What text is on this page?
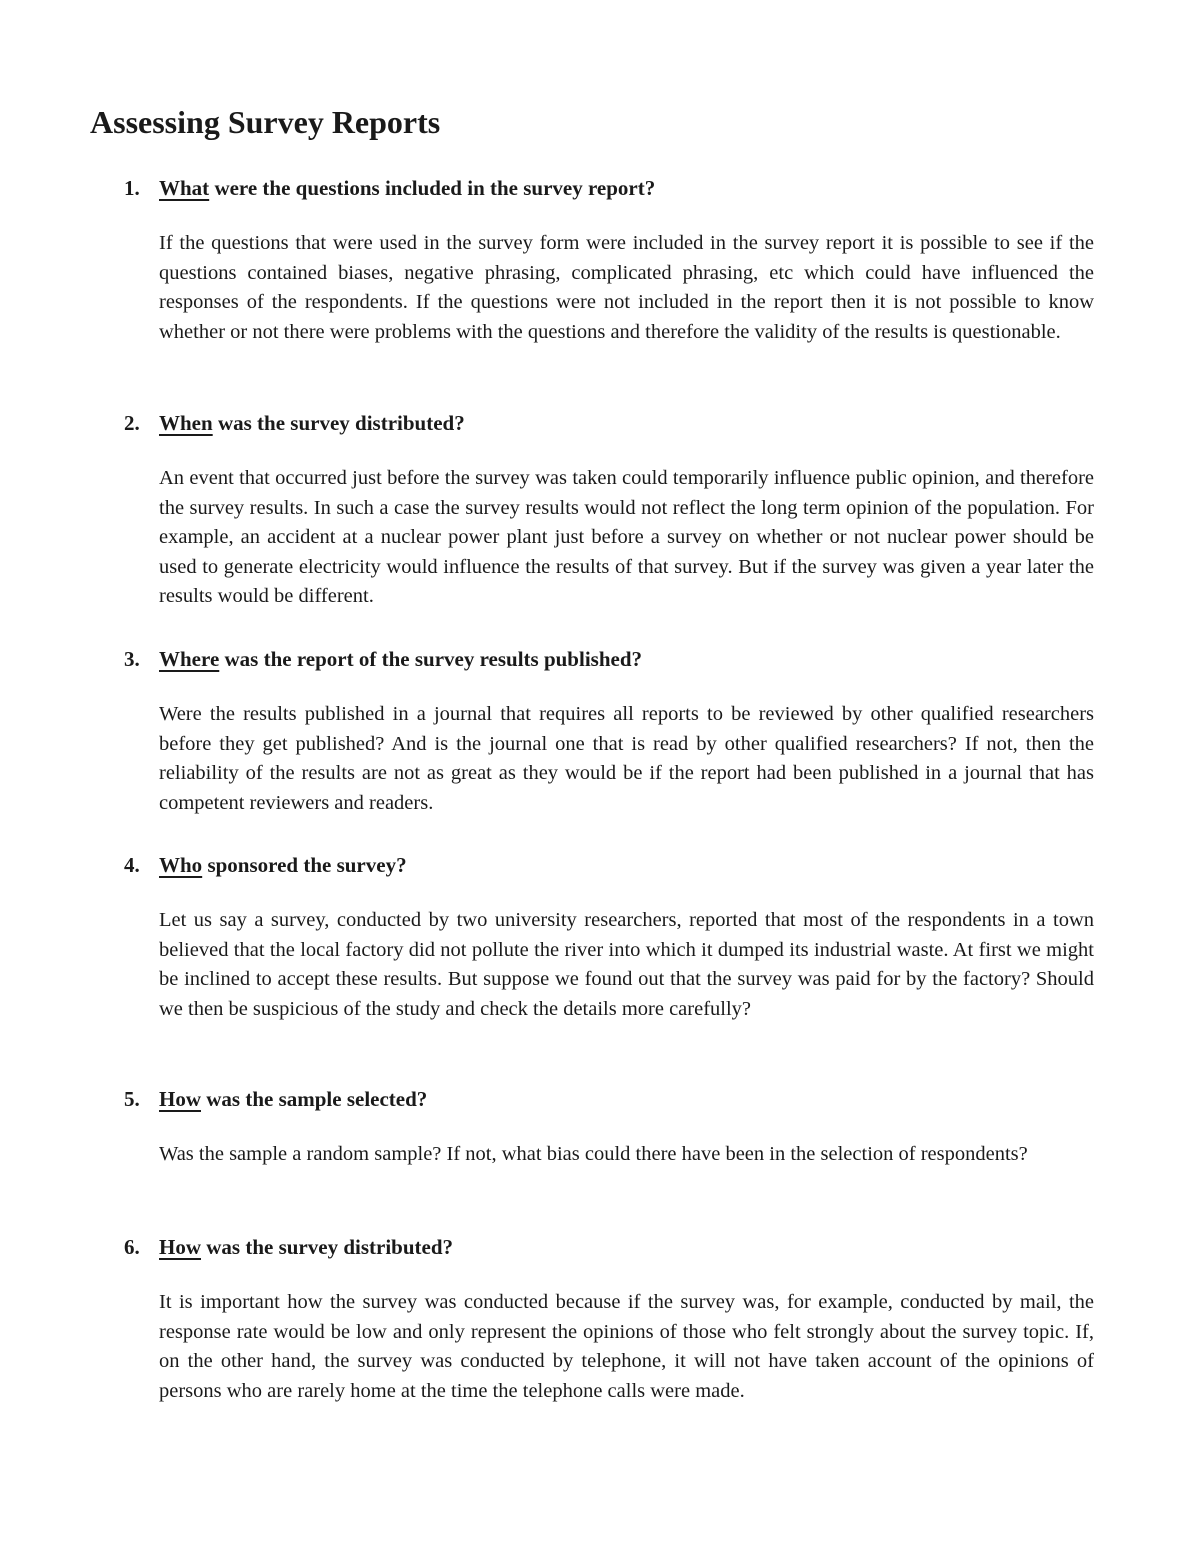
Assessing Survey Reports
1. What were the questions included in the survey report?

If the questions that were used in the survey form were included in the survey report it is possible to see if the questions contained biases, negative phrasing, complicated phrasing, etc which could have influenced the responses of the respondents. If the questions were not included in the report then it is not possible to know whether or not there were problems with the questions and therefore the validity of the results is questionable.

2. When was the survey distributed?

An event that occurred just before the survey was taken could temporarily influence public opinion, and therefore the survey results. In such a case the survey results would not reflect the long term opinion of the population. For example, an accident at a nuclear power plant just before a survey on whether or not nuclear power should be used to generate electricity would influence the results of that survey. But if the survey was given a year later the results would be different.

3. Where was the report of the survey results published?

Were the results published in a journal that requires all reports to be reviewed by other qualified researchers before they get published? And is the journal one that is read by other qualified researchers? If not, then the reliability of the results are not as great as they would be if the report had been published in a journal that has competent reviewers and readers.

4. Who sponsored the survey?

Let us say a survey, conducted by two university researchers, reported that most of the respondents in a town believed that the local factory did not pollute the river into which it dumped its industrial waste. At first we might be inclined to accept these results. But suppose we found out that the survey was paid for by the factory? Should we then be suspicious of the study and check the details more carefully?

5. How was the sample selected?

Was the sample a random sample? If not, what bias could there have been in the selection of respondents?

6. How was the survey distributed?

It is important how the survey was conducted because if the survey was, for example, conducted by mail, the response rate would be low and only represent the opinions of those who felt strongly about the survey topic. If, on the other hand, the survey was conducted by telephone, it will not have taken account of the opinions of persons who are rarely home at the time the telephone calls were made.
